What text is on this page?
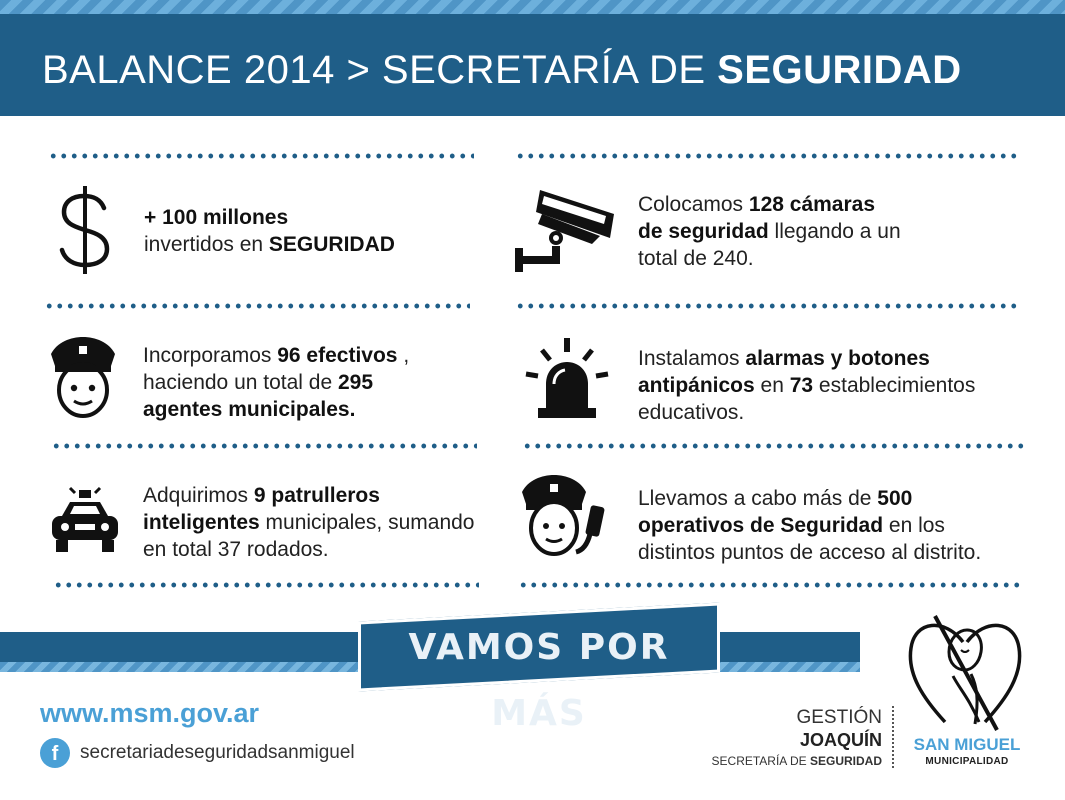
BALANCE 2014 > SECRETARÍA DE SEGURIDAD
+ 100 millones
invertidos en SEGURIDAD
Colocamos 128 cámaras
de seguridad llegando a un
total de 240.
Incorporamos 96 efectivos ,
haciendo un total de 295
agentes municipales.
Instalamos alarmas y botones
antipánicos en 73 establecimientos
educativos.
Adquirimos 9 patrulleros
inteligentes municipales, sumando
en total 37 rodados.
Llevamos a cabo más de 500
operativos de Seguridad en los
distintos puntos de acceso al distrito.
VAMOS POR MÁS
www.msm.gov.ar
f	secretariadeseguridadsanmiguel
GESTIÓN
JOAQUÍN
SECRETARÍA DE SEGURIDAD
SAN MIGUEL
MUNICIPALIDAD
